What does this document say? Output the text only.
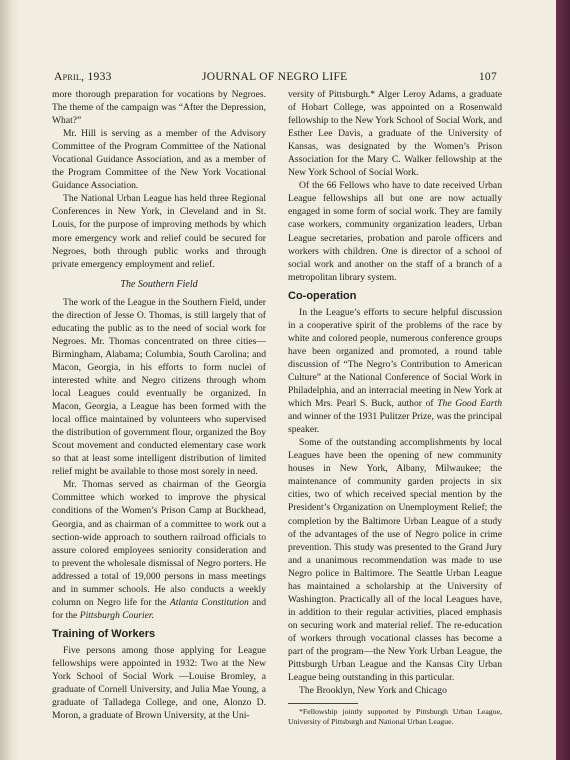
April, 1933	JOURNAL OF NEGRO LIFE	107

more thorough preparation for vocations by Negroes. The theme of the campaign was “After the Depression, What?”

Mr. Hill is serving as a member of the Advisory Committee of the Program Committee of the National Vocational Guidance Association, and as a member of the Program Committee of the New York Vocational Guidance Association.

The National Urban League has held three Regional Conferences in New York, in Cleveland and in St. Louis, for the purpose of improving methods by which more emergency work and relief could be secured for Negroes, both through public works and through private emergency employment and relief.

The Southern Field

The work of the League in the Southern Field, under the direction of Jesse O. Thomas, is still largely that of educating the public as to the need of social work for Negroes. Mr. Thomas concentrated on three cities—Birmingham, Alabama; Columbia, South Carolina; and Macon, Georgia, in his efforts to form nuclei of interested white and Negro citizens through whom local Leagues could eventually be organized. In Macon, Georgia, a League has been formed with the local office maintained by volunteers who supervised the distribution of government flour, organized the Boy Scout movement and conducted elementary case work so that at least some intelligent distribution of limited relief might be available to those most sorely in need.

Mr. Thomas served as chairman of the Georgia Committee which worked to improve the physical conditions of the Women’s Prison Camp at Buckhead, Georgia, and as chairman of a committee to work out a section-wide approach to southern railroad officials to assure colored employees seniority consideration and to prevent the wholesale dismissal of Negro porters. He addressed a total of 19,000 persons in mass meetings and in summer schools. He also conducts a weekly column on Negro life for the Atlanta Constitution and for the Pittsburgh Courier.

Training of Workers

Five persons among those applying for League fellowships were appointed in 1932: Two at the New York School of Social Work —Louise Bromley, a graduate of Cornell University, and Julia Mae Young, a graduate of Talladega College, and one, Alonzo D. Moron, a graduate of Brown University, at the Uni-

versity of Pittsburgh.* Alger Leroy Adams, a graduate of Hobart College, was appointed on a Rosenwald fellowship to the New York School of Social Work, and Esther Lee Davis, a graduate of the University of Kansas, was designated by the Women’s Prison Association for the Mary C. Walker fellowship at the New York School of Social Work.

Of the 66 Fellows who have to date received Urban League fellowships all but one are now actually engaged in some form of social work. They are family case workers, community organization leaders, Urban League secretaries, probation and parole officers and workers with children. One is director of a school of social work and another on the staff of a branch of a metropolitan library system.

Co-operation

In the League’s efforts to secure helpful discussion in a cooperative spirit of the problems of the race by white and colored people, numerous conference groups have been organized and promoted, a round table discussion of “The Negro’s Contribution to American Culture” at the National Conference of Social Work in Philadelphia, and an interracial meeting in New York at which Mrs. Pearl S. Buck, author of The Good Earth and winner of the 1931 Pulitzer Prize, was the principal speaker.

Some of the outstanding accomplishments by local Leagues have been the opening of new community houses in New York, Albany, Milwaukee; the maintenance of community garden projects in six cities, two of which received special mention by the President’s Organization on Unemployment Relief; the completion by the Baltimore Urban League of a study of the advantages of the use of Negro police in crime prevention. This study was presented to the Grand Jury and a unanimous recommendation was made to use Negro police in Baltimore. The Seattle Urban League has maintained a scholarship at the University of Washington. Practically all of the local Leagues have, in addition to their regular activities, placed emphasis on securing work and material relief. The re-education of workers through vocational classes has become a part of the program—the New York Urban League, the Pittsburgh Urban League and the Kansas City Urban League being outstanding in this particular.

The Brooklyn, New York and Chicago

*Fellowship jointly supported by Pittsburgh Urban League, University of Pittsburgh and National Urban League.
